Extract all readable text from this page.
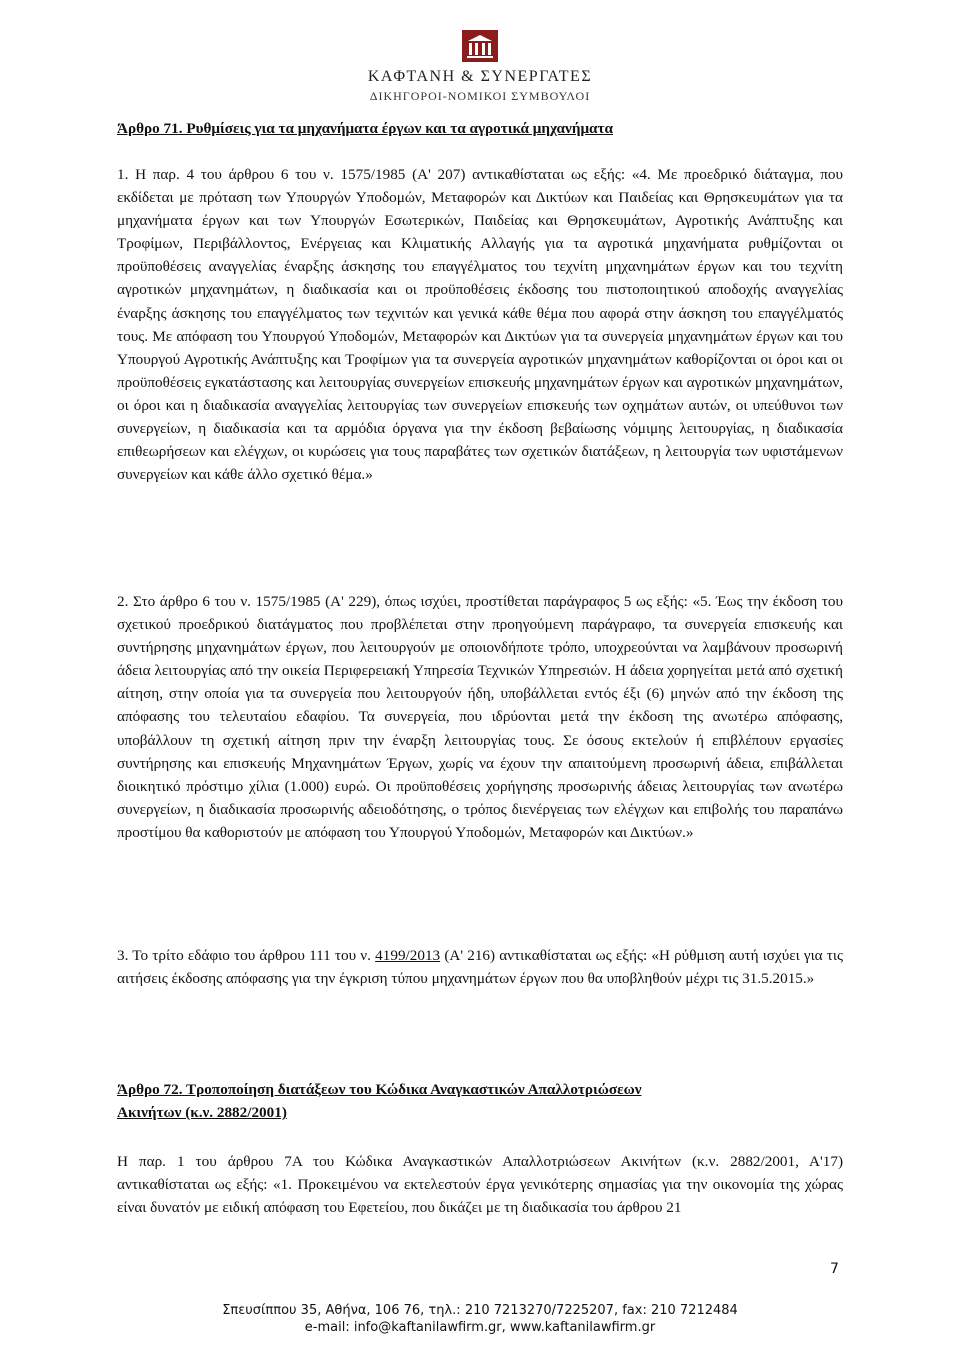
ΚΑΦΤΑΝΗ & ΣΥΝΕΡΓΑΤΕΣ
ΔΙΚΗΓΟΡΟΙ-ΝΟΜΙΚΟΙ ΣΥΜΒΟΥΛΟΙ
Άρθρο 71. Ρυθμίσεις για τα μηχανήματα έργων και τα αγροτικά μηχανήματα
1. Η παρ. 4 του άρθρου 6 του ν. 1575/1985 (Α' 207) αντικαθίσταται ως εξής: «4. Με προεδρικό διάταγμα, που εκδίδεται με πρόταση των Υπουργών Υποδομών, Μεταφορών και Δικτύων και Παιδείας και Θρησκευμάτων για τα μηχανήματα έργων και των Υπουργών Εσωτερικών, Παιδείας και Θρησκευμάτων, Αγροτικής Ανάπτυξης και Τροφίμων, Περιβάλλοντος, Ενέργειας και Κλιματικής Αλλαγής για τα αγροτικά μηχανήματα ρυθμίζονται οι προϋποθέσεις αναγγελίας έναρξης άσκησης του επαγγέλματος του τεχνίτη μηχανημάτων έργων και του τεχνίτη αγροτικών μηχανημάτων, η διαδικασία και οι προϋποθέσεις έκδοσης του πιστοποιητικού αποδοχής αναγγελίας έναρξης άσκησης του επαγγέλματος των τεχνιτών και γενικά κάθε θέμα που αφορά στην άσκηση του επαγγέλματός τους. Με απόφαση του Υπουργού Υποδομών, Μεταφορών και Δικτύων για τα συνεργεία μηχανημάτων έργων και του Υπουργού Αγροτικής Ανάπτυξης και Τροφίμων για τα συνεργεία αγροτικών μηχανημάτων καθορίζονται οι όροι και οι προϋποθέσεις εγκατάστασης και λειτουργίας συνεργείων επισκευής μηχανημάτων έργων και αγροτικών μηχανημάτων, οι όροι και η διαδικασία αναγγελίας λειτουργίας των συνεργείων επισκευής των οχημάτων αυτών, οι υπεύθυνοι των συνεργείων, η διαδικασία και τα αρμόδια όργανα για την έκδοση βεβαίωσης νόμιμης λειτουργίας, η διαδικασία επιθεωρήσεων και ελέγχων, οι κυρώσεις για τους παραβάτες των σχετικών διατάξεων, η λειτουργία των υφιστάμενων συνεργείων και κάθε άλλο σχετικό θέμα.»
2. Στο άρθρο 6 του ν. 1575/1985 (Α' 229), όπως ισχύει, προστίθεται παράγραφος 5 ως εξής: «5. Έως την έκδοση του σχετικού προεδρικού διατάγματος που προβλέπεται στην προηγούμενη παράγραφο, τα συνεργεία επισκευής και συντήρησης μηχανημάτων έργων, που λειτουργούν με οποιονδήποτε τρόπο, υποχρεούνται να λαμβάνουν προσωρινή άδεια λειτουργίας από την οικεία Περιφερειακή Υπηρεσία Τεχνικών Υπηρεσιών. Η άδεια χορηγείται μετά από σχετική αίτηση, στην οποία για τα συνεργεία που λειτουργούν ήδη, υποβάλλεται εντός έξι (6) μηνών από την έκδοση της απόφασης του τελευταίου εδαφίου. Τα συνεργεία, που ιδρύονται μετά την έκδοση της ανωτέρω απόφασης, υποβάλλουν τη σχετική αίτηση πριν την έναρξη λειτουργίας τους. Σε όσους εκτελούν ή επιβλέπουν εργασίες συντήρησης και επισκευής Μηχανημάτων Έργων, χωρίς να έχουν την απαιτούμενη προσωρινή άδεια, επιβάλλεται διοικητικό πρόστιμο χίλια (1.000) ευρώ. Οι προϋποθέσεις χορήγησης προσωρινής άδειας λειτουργίας των ανωτέρω συνεργείων, η διαδικασία προσωρινής αδειοδότησης, ο τρόπος διενέργειας των ελέγχων και επιβολής του παραπάνω προστίμου θα καθοριστούν με απόφαση του Υπουργού Υποδομών, Μεταφορών και Δικτύων.»
3. Το τρίτο εδάφιο του άρθρου 111 του ν. 4199/2013 (Α' 216) αντικαθίσταται ως εξής: «Η ρύθμιση αυτή ισχύει για τις αιτήσεις έκδοσης απόφασης για την έγκριση τύπου μηχανημάτων έργων που θα υποβληθούν μέχρι τις 31.5.2015.»
Άρθρο 72. Τροποποίηση διατάξεων του Κώδικα Αναγκαστικών Απαλλοτριώσεων
Ακινήτων (κ.ν. 2882/2001)
Η παρ. 1 του άρθρου 7Α του Κώδικα Αναγκαστικών Απαλλοτριώσεων Ακινήτων (κ.ν. 2882/2001, Α'17) αντικαθίσταται ως εξής: «1. Προκειμένου να εκτελεστούν έργα γενικότερης σημασίας για την οικονομία της χώρας είναι δυνατόν με ειδική απόφαση του Εφετείου, που δικάζει με τη διαδικασία του άρθρου 21
7
Σπευσίππου 35, Αθήνα, 106 76, τηλ.: 210 7213270/7225207, fax: 210 7212484
e-mail: info@kaftanilawfirm.gr, www.kaftanilawfirm.gr
